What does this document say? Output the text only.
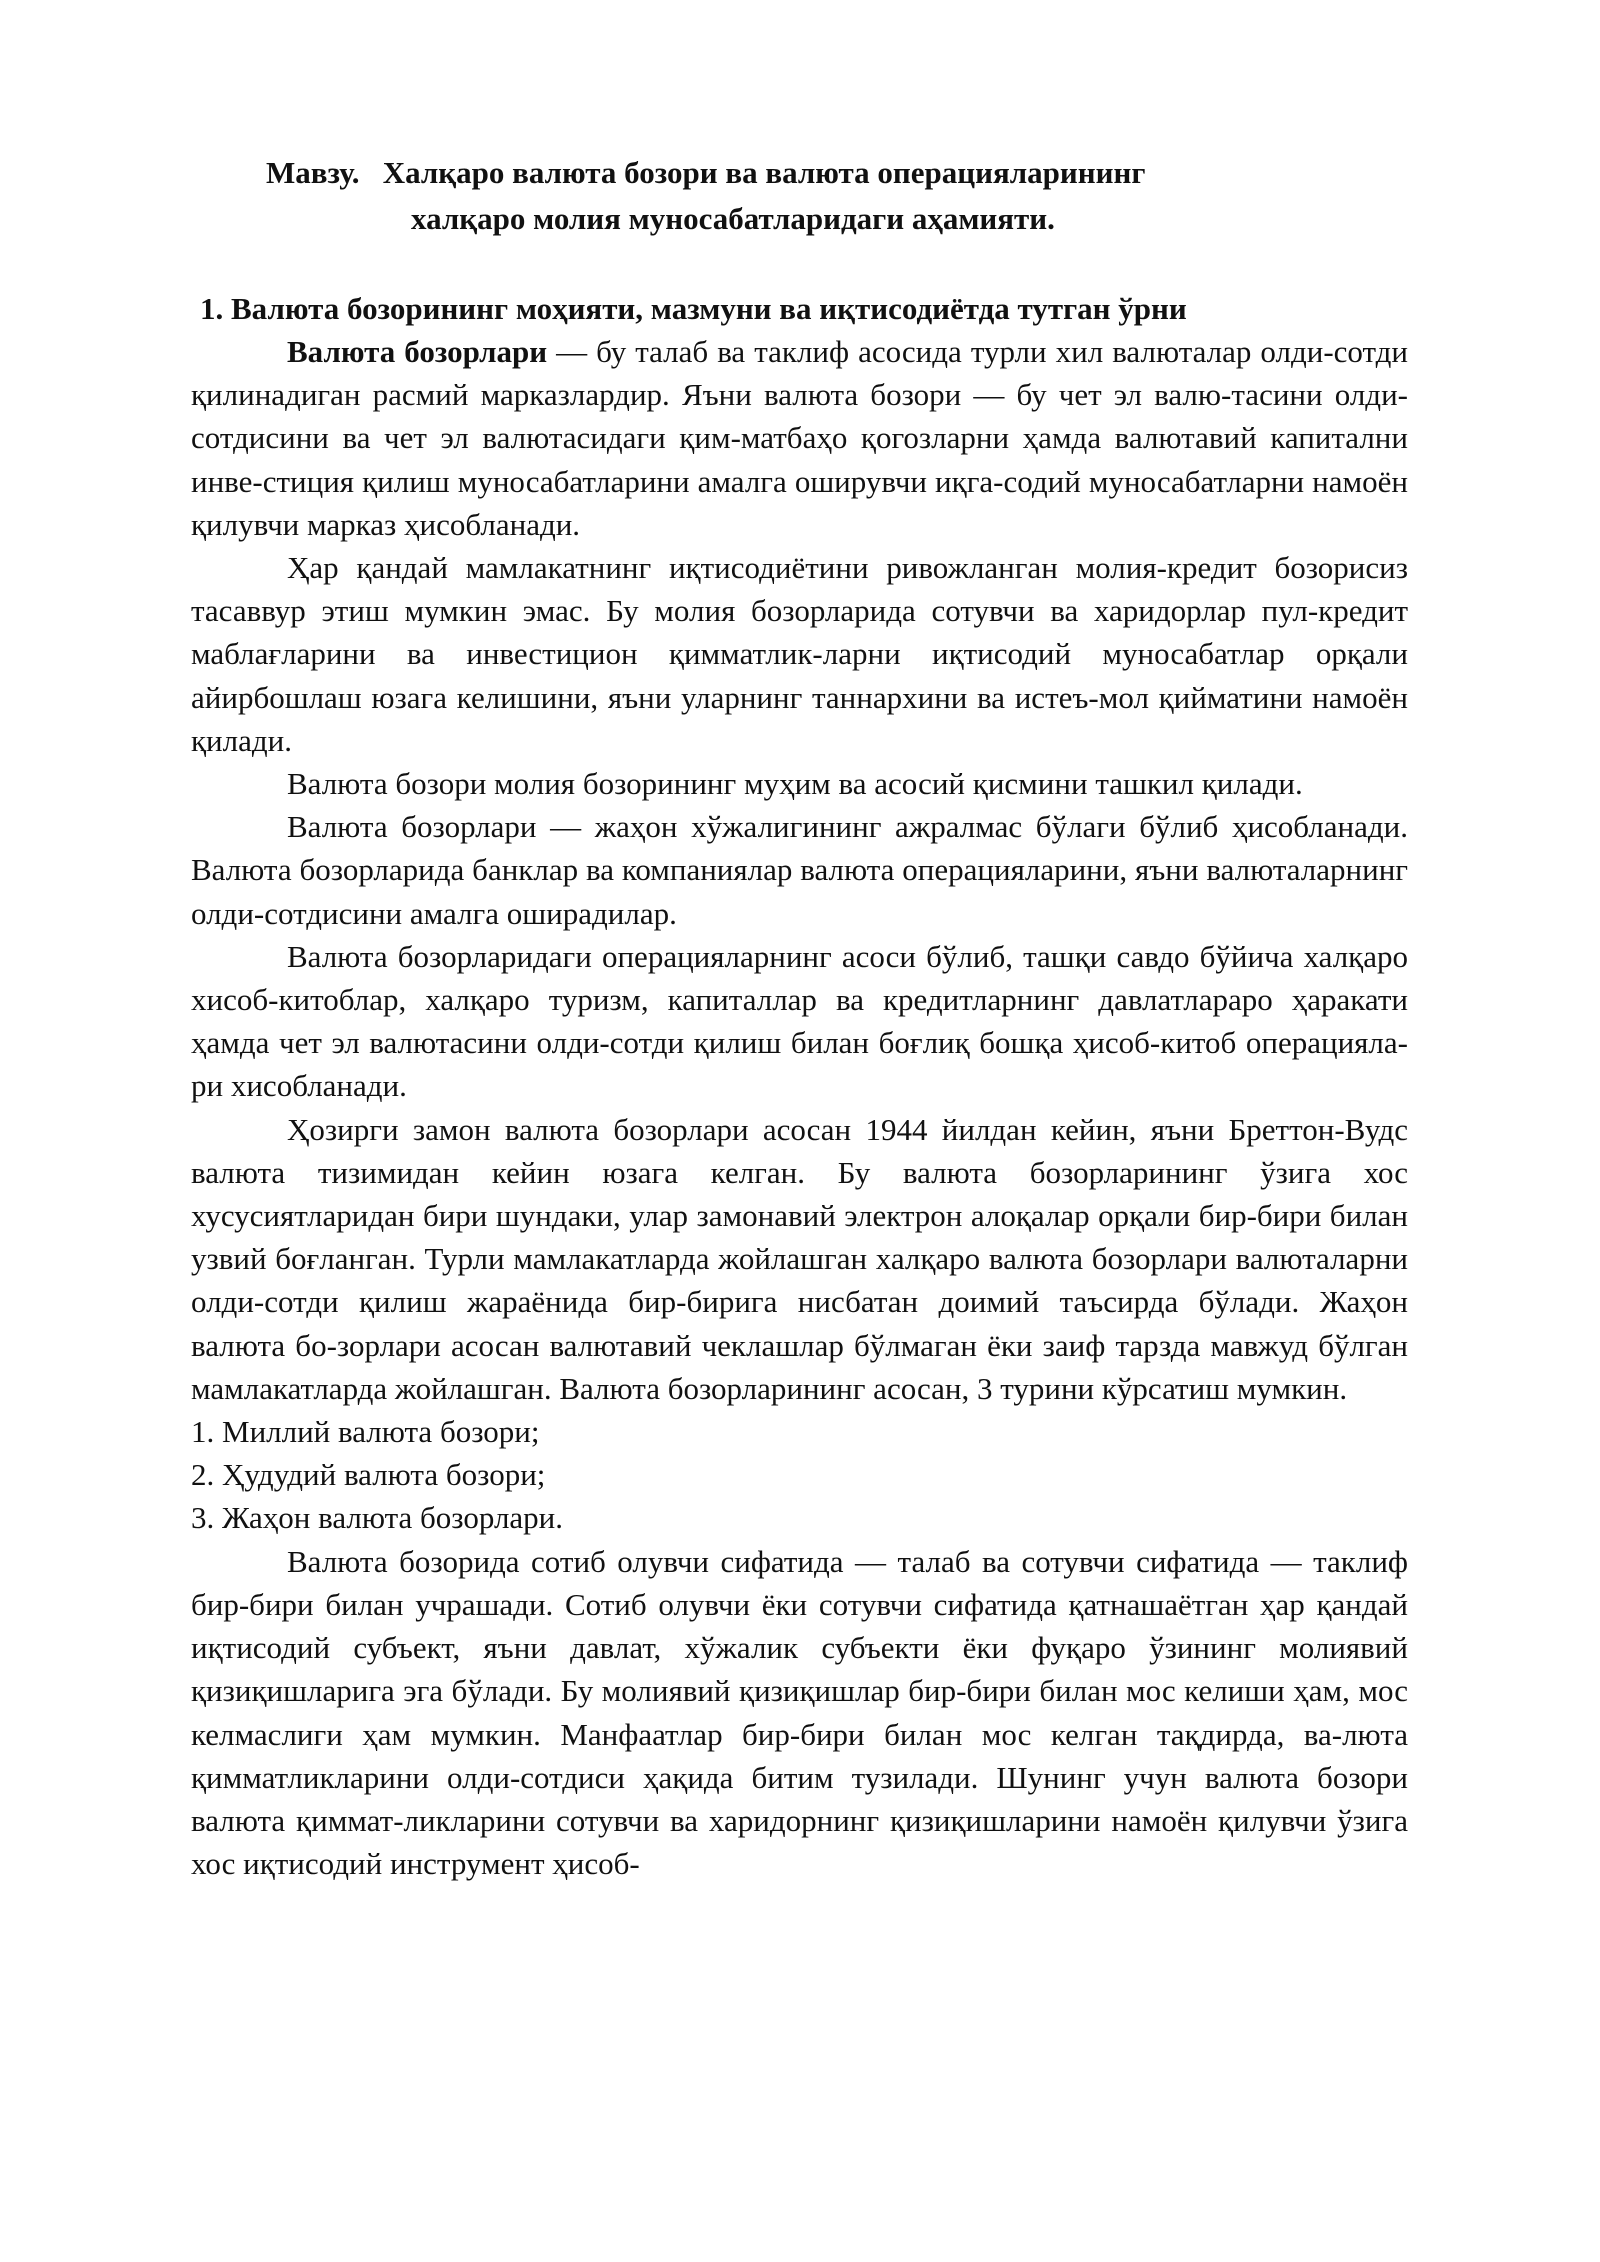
Мавзу.   Халқаро валюта бозори ва валюта операцияларининг
халқаро молия муносабатларидаги аҳамияти.
1. Валюта бозорининг моҳияти, мазмуни ва иқтисодиётда тутган ўрни

Валюта бозорлари — бу талаб ва таклиф асосида турли хил валюталар олди-сотди қилинадиган расмий марказлардир. Яъни валюта бозори — бу чет эл валю-тасини олди-сотдисини ва чет эл валютасидаги қим-матбаҳо қогозларни ҳамда валютавий капитални инве-стиция қилиш муносабатларини амалга оширувчи иқга-содий муносабатларни намоён қилувчи марказ ҳисобланади.

Ҳар қандай мамлакатнинг иқтисодиётини ривожланган молия-кредит бозорисиз тасаввур этиш мумкин эмас. Бу молия бозорларида сотувчи ва харидорлар пул-кредит маблағларини ва инвестицион қимматлик-ларни иқтисодий муносабатлар орқали айирбошлаш юзага келишини, яъни уларнинг таннархини ва истеъ-мол қийматини намоён қилади.

Валюта бозори молия бозорининг муҳим ва асосий қисмини ташкил қилади.

Валюта бозорлари — жаҳон хўжалигининг ажралмас бўлаги бўлиб ҳисобланади. Валюта бозорларида банклар ва компаниялар валюта операцияларини, яъни валюталарнинг олди-сотдисини амалга оширадилар.

Валюта бозорларидаги операцияларнинг асоси бўлиб, ташқи савдо бўйича халқаро хисоб-китоблар, халқаро туризм, капиталлар ва кредитларнинг давлатлараро ҳаракати ҳамда чет эл валютасини олди-сотди қилиш билан боғлиқ бошқа ҳисоб-китоб операцияла-ри хисобланади.

Ҳозирги замон валюта бозорлари асосан 1944 йилдан кейин, яъни Бреттон-Вудс валюта тизимидан кейин юзага келган. Бу валюта бозорларининг ўзига хос хусусиятларидан бири шундаки, улар замонавий электрон алоқалар орқали бир-бири билан узвий боғланган. Турли мамлакатларда жойлашган халқаро валюта бозорлари валюталарни олди-сотди қилиш жараёнида бир-бирига нисбатан доимий таъсирда бўлади. Жаҳон валюта бо-зорлари асосан валютавий чеклашлар бўлмаган ёки заиф тарзда мавжуд бўлган мамлакатларда жойлашган. Валюта бозорларининг асосан, 3 турини кўрсатиш мумкин.

1. Миллий валюта бозори;

2. Ҳудудий валюта бозори;

3. Жаҳон валюта бозорлари.

Валюта бозорида сотиб олувчи сифатида — талаб ва сотувчи сифатида — таклиф бир-бири билан учрашади. Сотиб олувчи ёки сотувчи сифатида қатнашаётган ҳар қандай иқтисодий субъект, яъни давлат, хўжалик субъекти ёки фуқаро ўзининг молиявий қизиқишларига эга бўлади. Бу молиявий қизиқишлар бир-бири билан мос келиши ҳам, мос келмаслиги ҳам мумкин. Манфаатлар бир-бири билан мос келган тақдирда, ва-люта қимматликларини олди-сотдиси ҳақида битим тузилади. Шунинг учун валюта бозори валюта қиммат-ликларини сотувчи ва харидорнинг қизиқишларини намоён қилувчи ўзига хос иқтисодий инструмент ҳисоб-
